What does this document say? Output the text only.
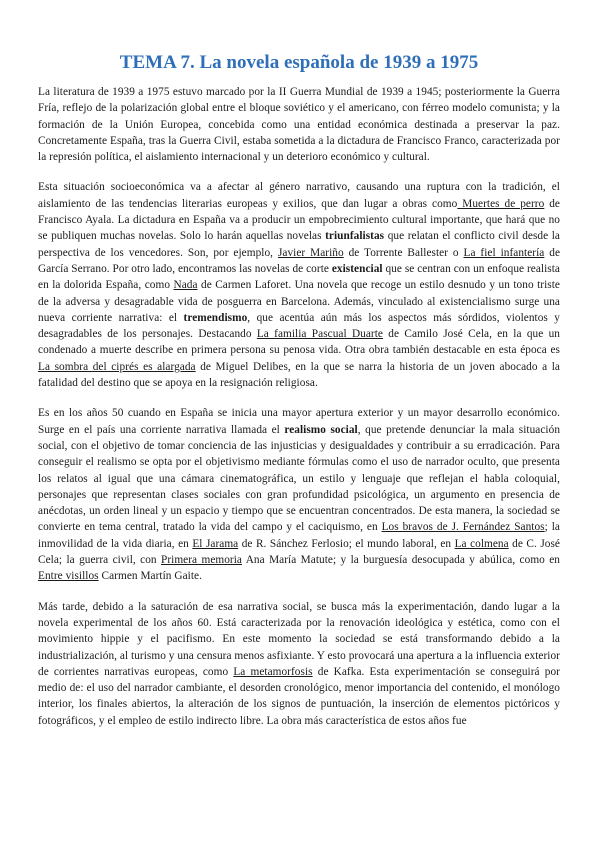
TEMA 7. La novela española de 1939 a 1975

La literatura de 1939 a 1975 estuvo marcado por la II Guerra Mundial de 1939 a 1945; posteriormente la Guerra Fría, reflejo de la polarización global entre el bloque soviético y el americano, con férreo modelo comunista; y la formación de la Unión Europea, concebida como una entidad económica destinada a preservar la paz. Concretamente España, tras la Guerra Civil, estaba sometida a la dictadura de Francisco Franco, caracterizada por la represión política, el aislamiento internacional y un deterioro económico y cultural.

Esta situación socioeconómica va a afectar al género narrativo, causando una ruptura con la tradición, el aislamiento de las tendencias literarias europeas y exilios, que dan lugar a obras como Muertes de perro de Francisco Ayala. La dictadura en España va a producir un empobrecimiento cultural importante, que hará que no se publiquen muchas novelas. Solo lo harán aquellas novelas triunfalistas que relatan el conflicto civil desde la perspectiva de los vencedores. Son, por ejemplo, Javier Mariño de Torrente Ballester o La fiel infantería de García Serrano. Por otro lado, encontramos las novelas de corte existencial que se centran con un enfoque realista en la dolorida España, como Nada de Carmen Laforet. Una novela que recoge un estilo desnudo y un tono triste de la adversa y desagradable vida de posguerra en Barcelona. Además, vinculado al existencialismo surge una nueva corriente narrativa: el tremendismo, que acentúa aún más los aspectos más sórdidos, violentos y desagradables de los personajes. Destacando La familia Pascual Duarte de Camilo José Cela, en la que un condenado a muerte describe en primera persona su penosa vida. Otra obra también destacable en esta época es La sombra del ciprés es alargada de Miguel Delibes, en la que se narra la historia de un joven abocado a la fatalidad del destino que se apoya en la resignación religiosa.

Es en los años 50 cuando en España se inicia una mayor apertura exterior y un mayor desarrollo económico. Surge en el país una corriente narrativa llamada el realismo social, que pretende denunciar la mala situación social, con el objetivo de tomar conciencia de las injusticias y desigualdades y contribuir a su erradicación. Para conseguir el realismo se opta por el objetivismo mediante fórmulas como el uso de narrador oculto, que presenta los relatos al igual que una cámara cinematográfica, un estilo y lenguaje que reflejan el habla coloquial, personajes que representan clases sociales con gran profundidad psicológica, un argumento en presencia de anécdotas, un orden lineal y un espacio y tiempo que se encuentran concentrados. De esta manera, la sociedad se convierte en tema central, tratado la vida del campo y el caciquismo, en Los bravos de J. Fernández Santos; la inmovilidad de la vida diaria, en El Jarama de R. Sánchez Ferlosio; el mundo laboral, en La colmena de C. José Cela; la guerra civil, con Primera memoria Ana María Matute; y la burguesía desocupada y abúlica, como en Entre visillos Carmen Martín Gaite.

Más tarde, debido a la saturación de esa narrativa social, se busca más la experimentación, dando lugar a la novela experimental de los años 60. Está caracterizada por la renovación ideológica y estética, como con el movimiento hippie y el pacifismo. En este momento la sociedad se está transformando debido a la industrialización, al turismo y una censura menos asfixiante. Y esto provocará una apertura a la influencia exterior de corrientes narrativas europeas, como La metamorfosis de Kafka. Esta experimentación se conseguirá por medio de: el uso del narrador cambiante, el desorden cronológico, menor importancia del contenido, el monólogo interior, los finales abiertos, la alteración de los signos de puntuación, la inserción de elementos pictóricos y fotográficos, y el empleo de estilo indirecto libre. La obra más característica de estos años fue
